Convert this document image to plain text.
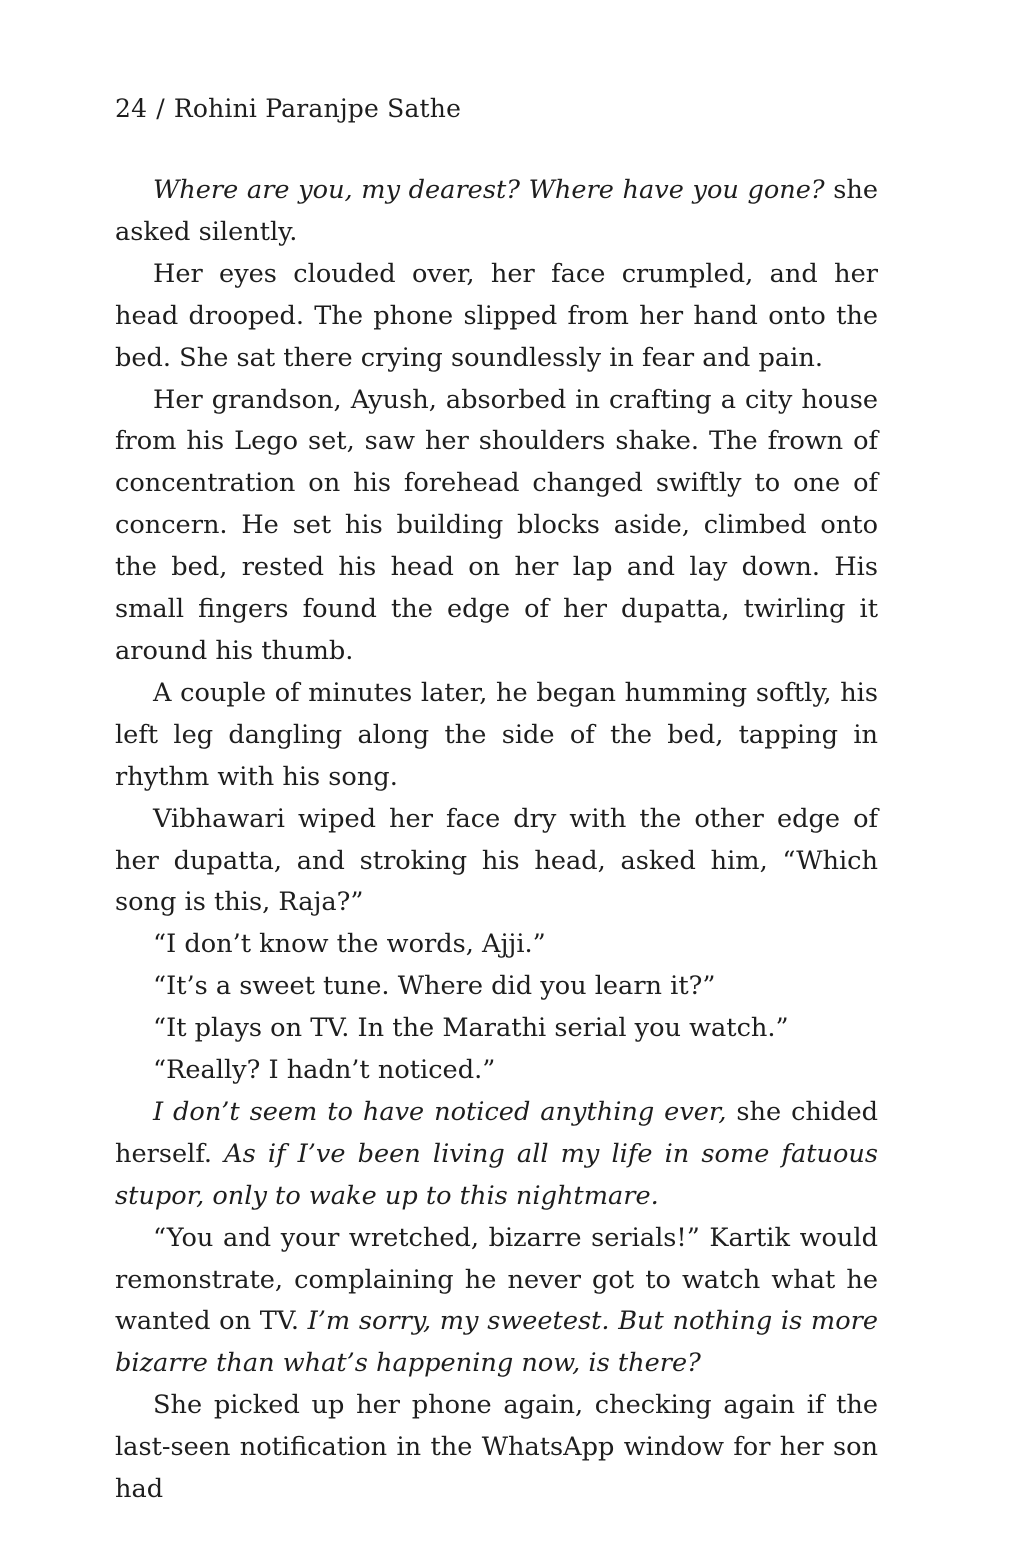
24 / Rohini Paranjpe Sathe

Where are you, my dearest? Where have you gone? she asked silently.

Her eyes clouded over, her face crumpled, and her head drooped. The phone slipped from her hand onto the bed. She sat there crying soundlessly in fear and pain.

Her grandson, Ayush, absorbed in crafting a city house from his Lego set, saw her shoulders shake. The frown of concentration on his forehead changed swiftly to one of concern. He set his building blocks aside, climbed onto the bed, rested his head on her lap and lay down. His small fingers found the edge of her dupatta, twirling it around his thumb.

A couple of minutes later, he began humming softly, his left leg dangling along the side of the bed, tapping in rhythm with his song.

Vibhawari wiped her face dry with the other edge of her dupatta, and stroking his head, asked him, “Which song is this, Raja?”

“I don’t know the words, Ajji.”

“It’s a sweet tune. Where did you learn it?”

“It plays on TV. In the Marathi serial you watch.”

“Really? I hadn’t noticed.”

I don’t seem to have noticed anything ever, she chided herself. As if I’ve been living all my life in some fatuous stupor, only to wake up to this nightmare.

“You and your wretched, bizarre serials!” Kartik would remonstrate, complaining he never got to watch what he wanted on TV. I’m sorry, my sweetest. But nothing is more bizarre than what’s happening now, is there?

She picked up her phone again, checking again if the last-seen notification in the WhatsApp window for her son had
